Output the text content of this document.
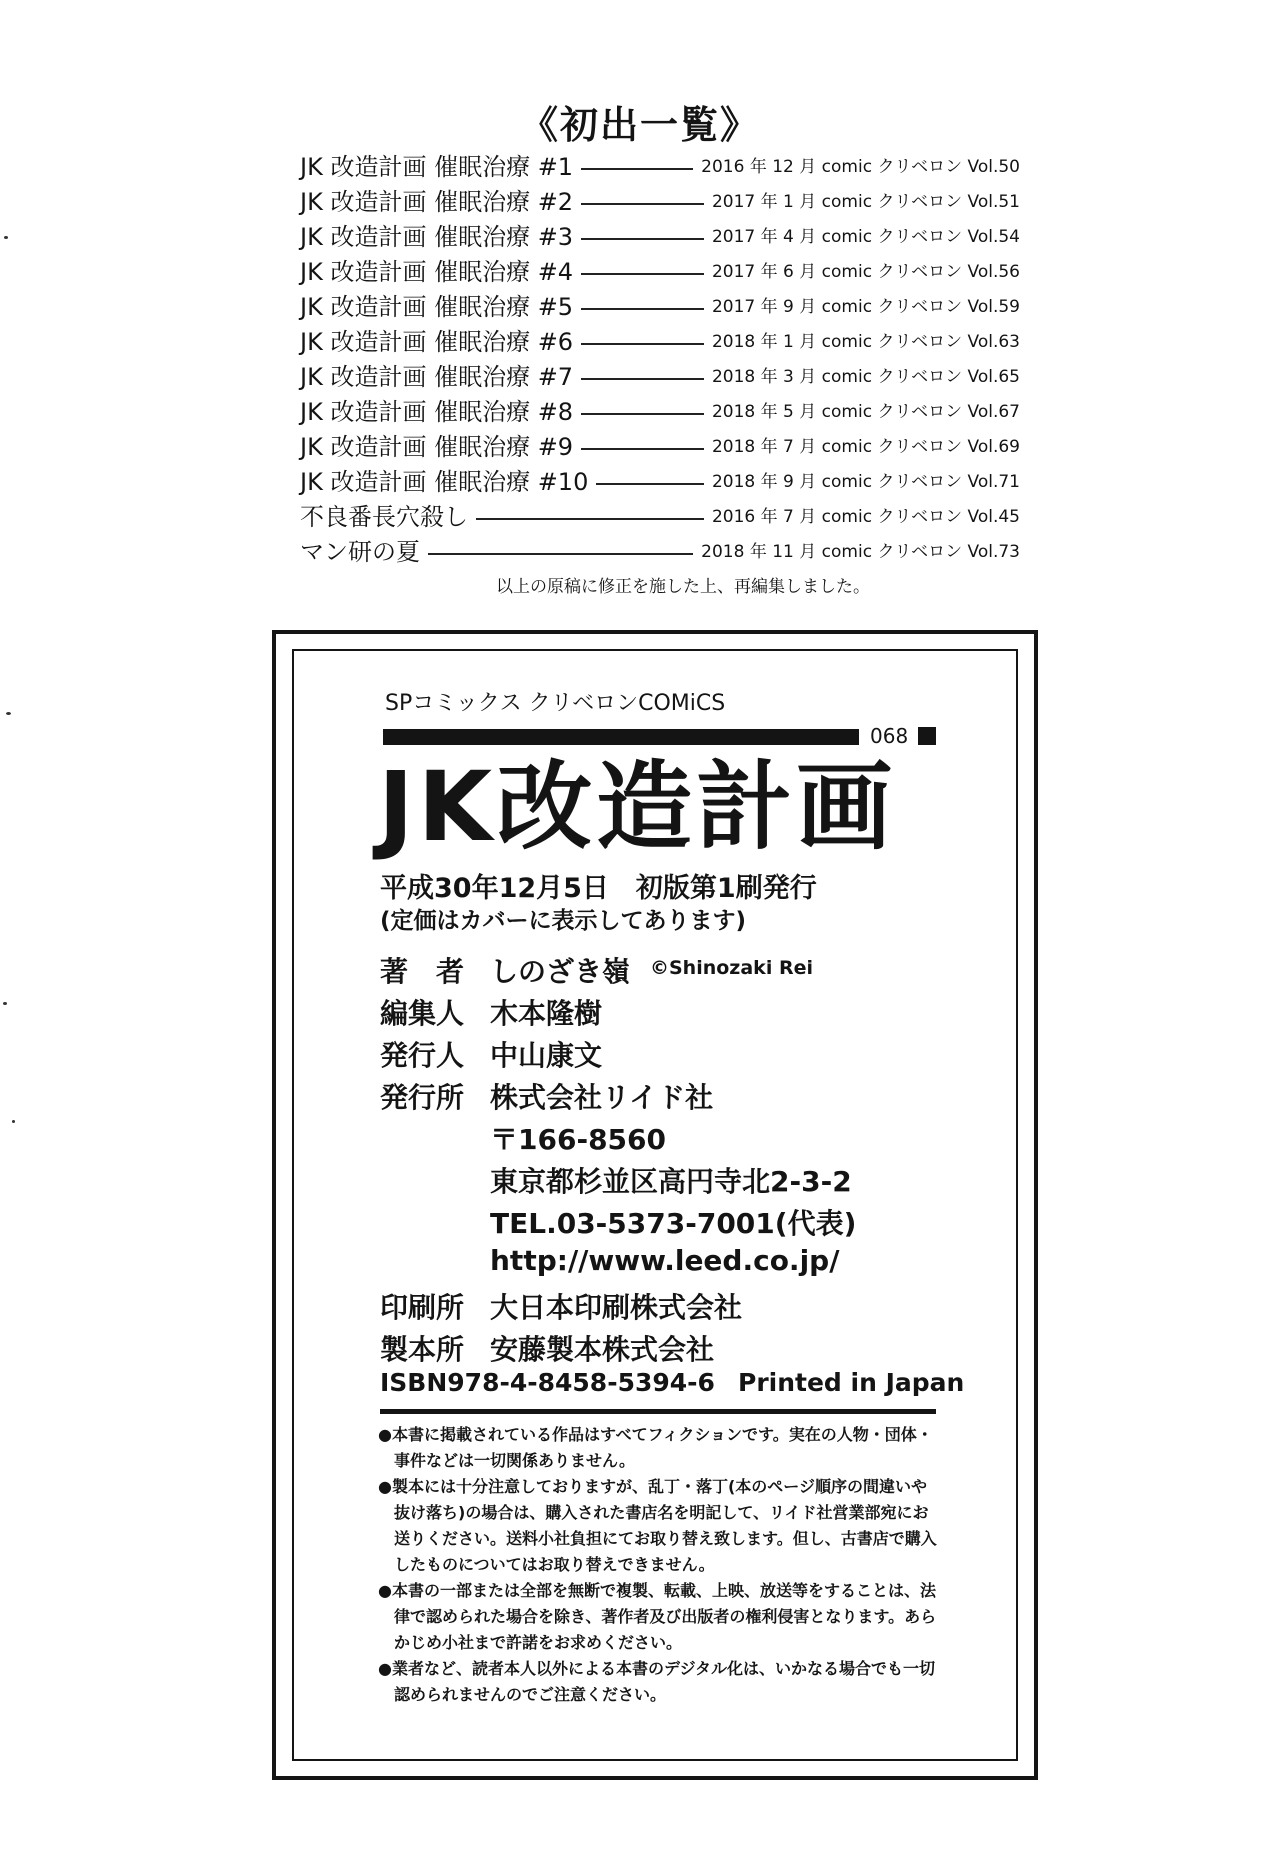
《初出一覧》
JK 改造計画 催眠治療 #1	2016 年 12 月 comic クリベロン Vol.50
JK 改造計画 催眠治療 #2	2017 年 1 月 comic クリベロン Vol.51
JK 改造計画 催眠治療 #3	2017 年 4 月 comic クリベロン Vol.54
JK 改造計画 催眠治療 #4	2017 年 6 月 comic クリベロン Vol.56
JK 改造計画 催眠治療 #5	2017 年 9 月 comic クリベロン Vol.59
JK 改造計画 催眠治療 #6	2018 年 1 月 comic クリベロン Vol.63
JK 改造計画 催眠治療 #7	2018 年 3 月 comic クリベロン Vol.65
JK 改造計画 催眠治療 #8	2018 年 5 月 comic クリベロン Vol.67
JK 改造計画 催眠治療 #9	2018 年 7 月 comic クリベロン Vol.69
JK 改造計画 催眠治療 #10	2018 年 9 月 comic クリベロン Vol.71
不良番長穴殺し	2016 年 7 月 comic クリベロン Vol.45
マン研の夏	2018 年 11 月 comic クリベロン Vol.73
以上の原稿に修正を施した上、再編集しました。
SPコミックス クリベロンCOMiCS
068
JK改造計画
平成30年12月5日　初版第1刷発行
(定価はカバーに表示してあります)
著　者 しのざき嶺 ©Shinozaki Rei
編集人 木本隆樹
発行人 中山康文
発行所 株式会社リイド社
〒166-8560
東京都杉並区高円寺北2-3-2
TEL.03-5373-7001(代表)
http://www.leed.co.jp/
印刷所 大日本印刷株式会社
製本所 安藤製本株式会社
ISBN978-4-8458-5394-6 Printed in Japan
●本書に掲載されている作品はすべてフィクションです。実在の人物・団体・事件などは一切関係ありません。
●製本には十分注意しておりますが、乱丁・落丁(本のページ順序の間違いや抜け落ち)の場合は、購入された書店名を明記して、リイド社営業部宛にお送りください。送料小社負担にてお取り替え致します。但し、古書店で購入したものについてはお取り替えできません。
●本書の一部または全部を無断で複製、転載、上映、放送等をすることは、法律で認められた場合を除き、著作者及び出版者の権利侵害となります。あらかじめ小社まで許諾をお求めください。
●業者など、読者本人以外による本書のデジタル化は、いかなる場合でも一切認められませんのでご注意ください。
